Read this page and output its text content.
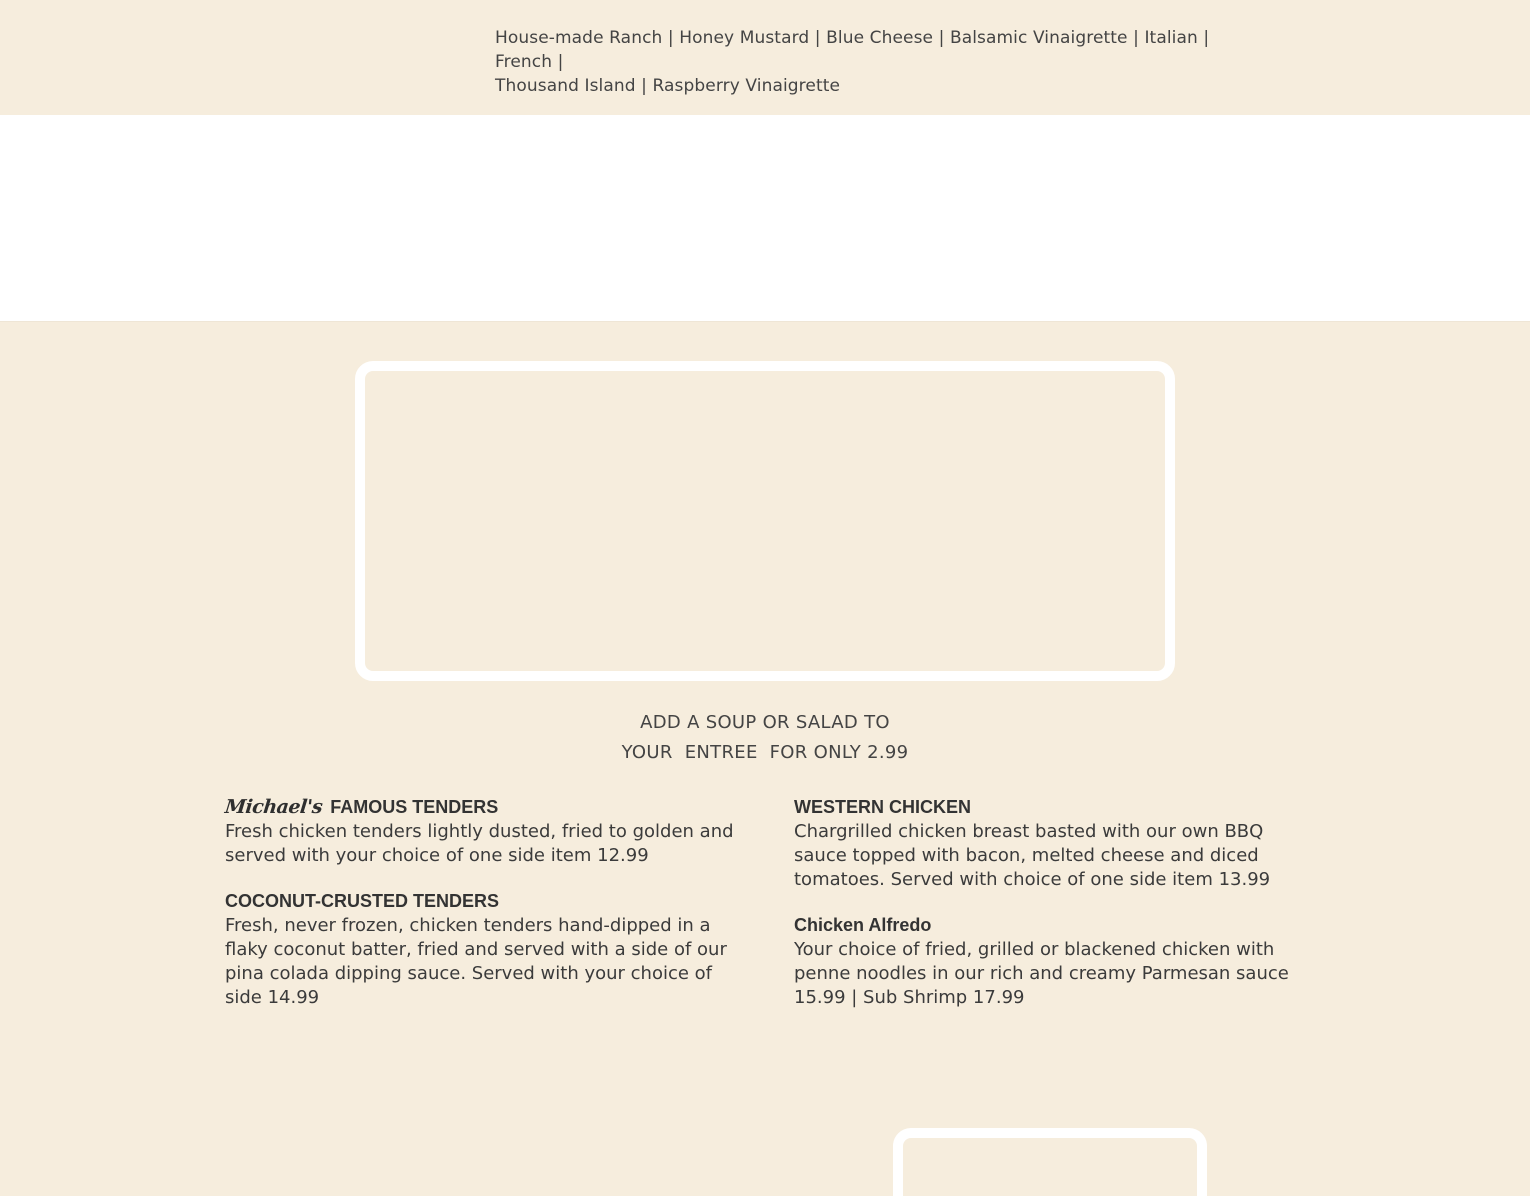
House-made Ranch | Honey Mustard | Blue Cheese | Balsamic Vinaigrette | Italian | French |
Thousand Island | Raspberry Vinaigrette
ADD A SOUP OR SALAD TO
YOUR  ENTREE  FOR ONLY 2.99
Michael's FAMOUS TENDERS
Fresh chicken tenders lightly dusted, fried to golden and served with your choice of one side item 12.99
COCONUT-CRUSTED TENDERS
Fresh, never frozen, chicken tenders hand-dipped in a flaky coconut batter, fried and served with a side of our pina colada dipping sauce. Served with your choice of side 14.99
WESTERN CHICKEN
Chargrilled chicken breast basted with our own BBQ sauce topped with bacon, melted cheese and diced tomatoes. Served with choice of one side item 13.99
Chicken Alfredo
Your choice of fried, grilled or blackened chicken with penne noodles in our rich and creamy Parmesan sauce 15.99 | Sub Shrimp 17.99
